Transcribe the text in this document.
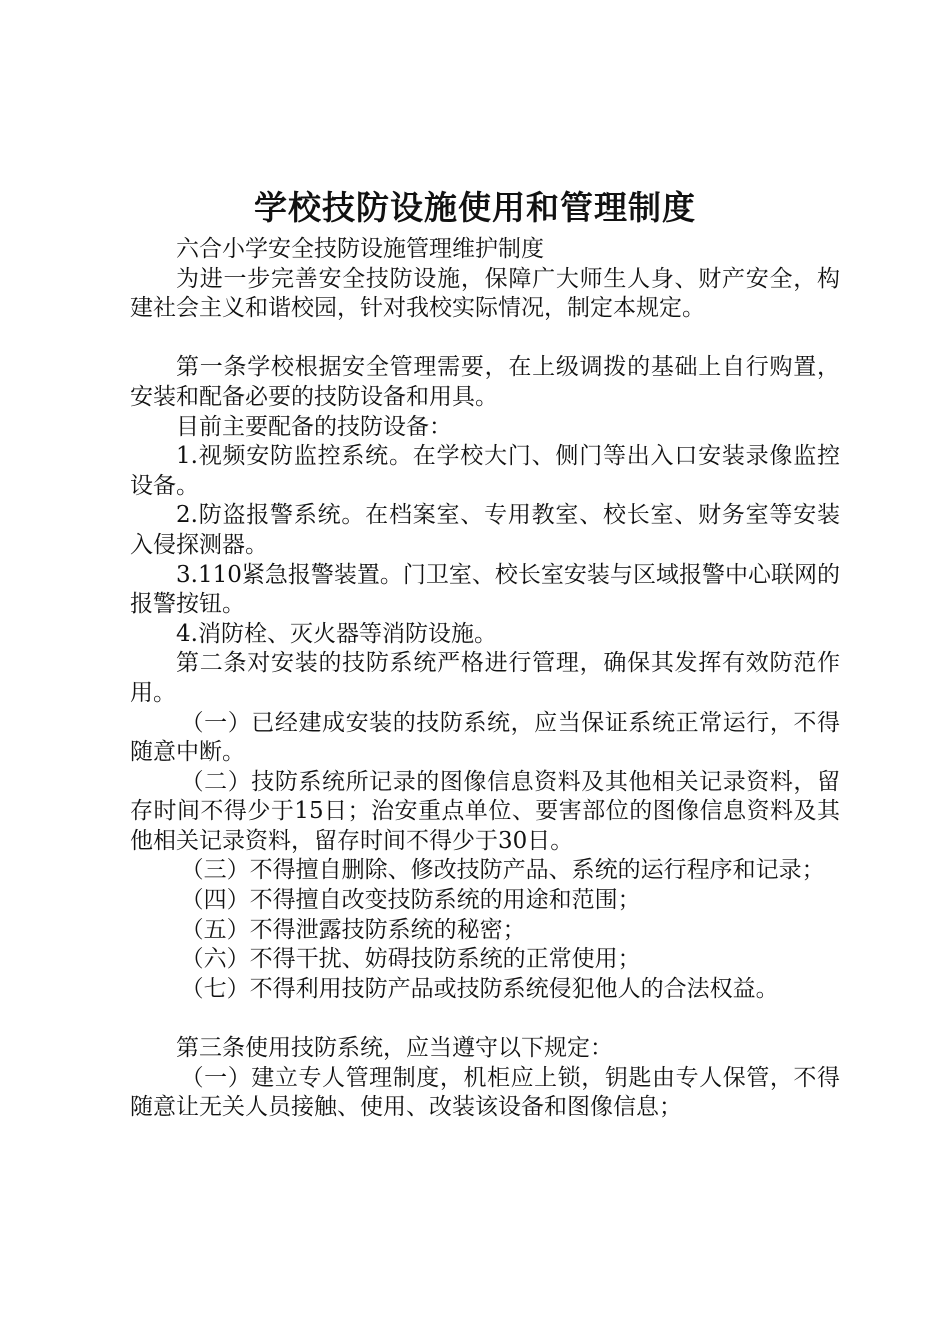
学校技防设施使用和管理制度

六合小学安全技防设施管理维护制度

为进一步完善安全技防设施，保障广大师生人身、财产安全，构建社会主义和谐校园，针对我校实际情况，制定本规定。

第一条学校根据安全管理需要，在上级调拨的基础上自行购置，安装和配备必要的技防设备和用具。

目前主要配备的技防设备：

1.视频安防监控系统。在学校大门、侧门等出入口安装录像监控设备。

2.防盗报警系统。在档案室、专用教室、校长室、财务室等安装入侵探测器。

3.110紧急报警装置。门卫室、校长室安装与区域报警中心联网的报警按钮。

4.消防栓、灭火器等消防设施。

第二条对安装的技防系统严格进行管理，确保其发挥有效防范作用。

（一）已经建成安装的技防系统，应当保证系统正常运行，不得随意中断。

（二）技防系统所记录的图像信息资料及其他相关记录资料，留存时间不得少于15日；治安重点单位、要害部位的图像信息资料及其他相关记录资料，留存时间不得少于30日。

（三）不得擅自删除、修改技防产品、系统的运行程序和记录；

（四）不得擅自改变技防系统的用途和范围；

（五）不得泄露技防系统的秘密；

（六）不得干扰、妨碍技防系统的正常使用；

（七）不得利用技防产品或技防系统侵犯他人的合法权益。

第三条使用技防系统，应当遵守以下规定：

（一）建立专人管理制度，机柜应上锁，钥匙由专人保管，不得随意让无关人员接触、使用、改装该设备和图像信息；
